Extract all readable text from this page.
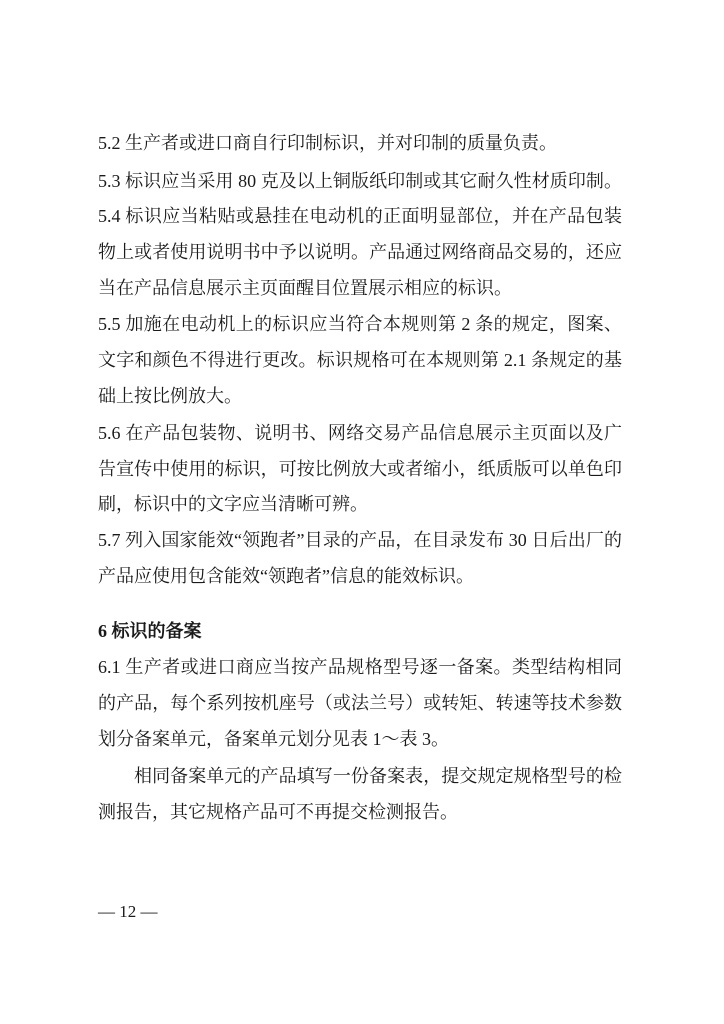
5.2 生产者或进口商自行印制标识，并对印制的质量负责。
5.3 标识应当采用 80 克及以上铜版纸印制或其它耐久性材质印制。
5.4 标识应当粘贴或悬挂在电动机的正面明显部位，并在产品包装
物上或者使用说明书中予以说明。产品通过网络商品交易的，还应
当在产品信息展示主页面醒目位置展示相应的标识。
5.5 加施在电动机上的标识应当符合本规则第 2 条的规定，图案、
文字和颜色不得进行更改。标识规格可在本规则第 2.1 条规定的基
础上按比例放大。
5.6 在产品包装物、说明书、网络交易产品信息展示主页面以及广
告宣传中使用的标识，可按比例放大或者缩小，纸质版可以单色印
刷，标识中的文字应当清晰可辨。
5.7 列入国家能效“领跑者”目录的产品，在目录发布 30 日后出厂的
产品应使用包含能效“领跑者”信息的能效标识。
6 标识的备案
6.1 生产者或进口商应当按产品规格型号逐一备案。类型结构相同
的产品，每个系列按机座号（或法兰号）或转矩、转速等技术参数
划分备案单元，备案单元划分见表 1～表 3。
相同备案单元的产品填写一份备案表，提交规定规格型号的检
测报告，其它规格产品可不再提交检测报告。
— 12 —
